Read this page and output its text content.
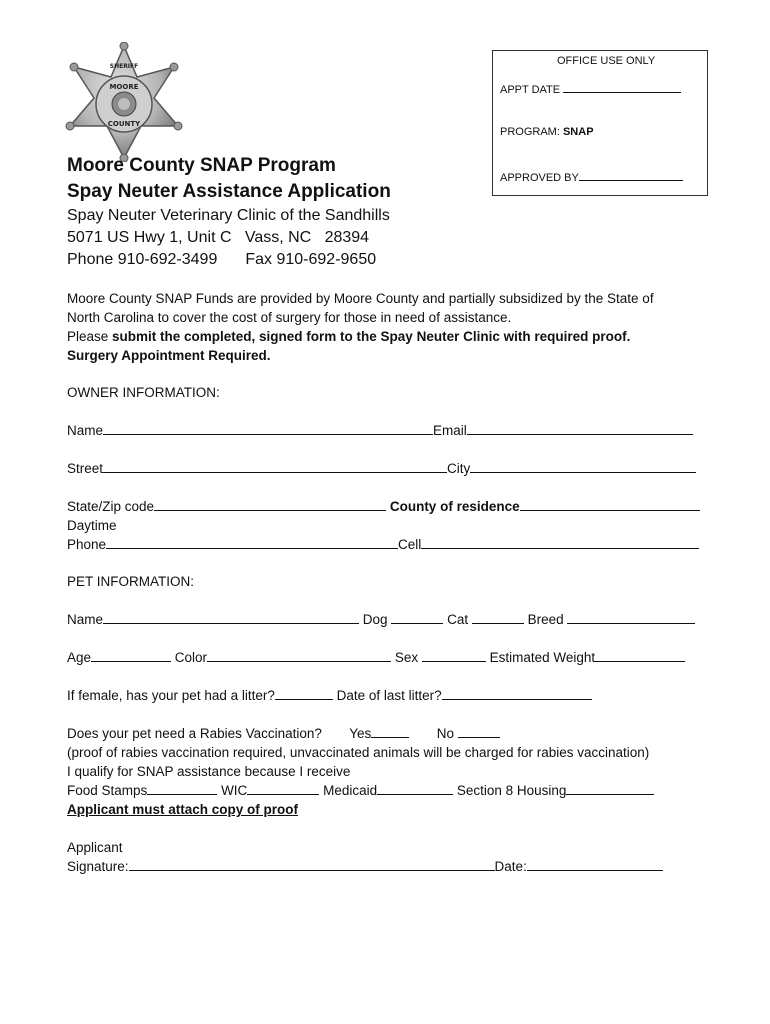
SHERIFF
MOORE
COUNTY
OFFICE USE ONLY
APPT DATE
PROGRAM: SNAP
APPROVED BY
Moore County SNAP Program
Spay Neuter Assistance Application
Spay Neuter Veterinary Clinic of the Sandhills
5071 US Hwy 1, Unit C   Vass, NC   28394
Phone 910-692-3499 Fax 910-692-9650
Moore County SNAP Funds are provided by Moore County and partially subsidized by the State of
North Carolina to cover the cost of surgery for those in need of assistance.
Please submit the completed, signed form to the Spay Neuter Clinic with required proof.
Surgery Appointment Required.
OWNER INFORMATION:
Name	Email
Street	City
State/Zip code	County of residence
Daytime
Phone	Cell
PET INFORMATION:
Name	Dog	Cat	Breed
Age	Color	Sex	Estimated Weight
If female, has your pet had a litter?	Date of last litter?
Does your pet need a Rabies Vaccination? Yes	No
(proof of rabies vaccination required, unvaccinated animals will be charged for rabies vaccination)
I qualify for SNAP assistance because I receive
Food Stamps	WIC	Medicaid	Section 8 Housing
Applicant must attach copy of proof
Applicant
Signature:	Date:
